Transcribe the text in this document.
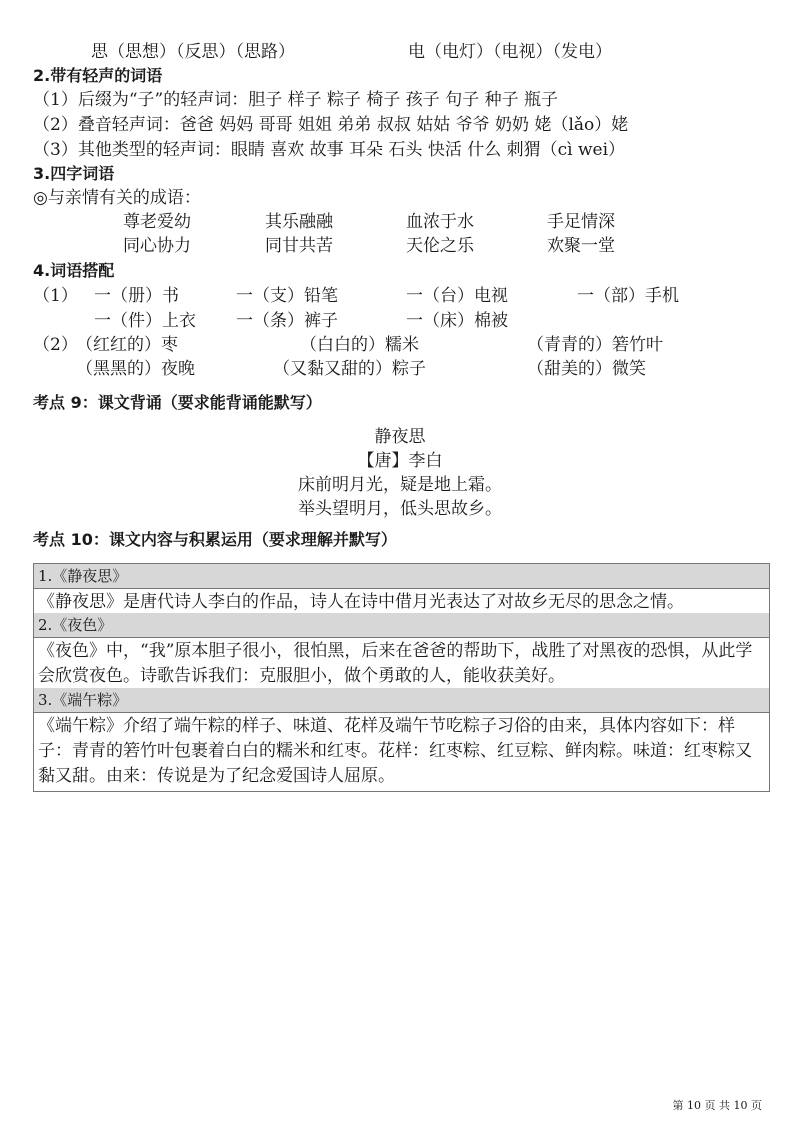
思（思想）（反思）（思路）	电（电灯）（电视）（发电）
2.带有轻声的词语
（1）后缀为“子”的轻声词：胆子 样子 粽子 椅子 孩子 句子 种子 瓶子
（2）叠音轻声词：爸爸 妈妈 哥哥 姐姐 弟弟 叔叔 姑姑 爷爷 奶奶 姥（lǎo）姥
（3）其他类型的轻声词：眼睛 喜欢 故事 耳朵 石头 快活 什么 刺猬（cì wei）
3.四字词语
◎与亲情有关的成语：
尊老爱幼	其乐融融	血浓于水	手足情深
同心协力	同甘共苦	天伦之乐	欢聚一堂
4.词语搭配
（1） 一（册）书	一（支）铅笔	一（台）电视	一（部）手机
一（件）上衣 一（条）裤子	一（床）棉被
（2）
（红红的）枣	（白白的）糯米	（青青的）箬竹叶
（黑黑的）夜晚	（又黏又甜的）粽子	（甜美的）微笑
考点 9：课文背诵（要求能背诵能默写）
静夜思
【唐】李白
床前明月光，疑是地上霜。
举头望明月，低头思故乡。
考点 10：课文内容与积累运用（要求理解并默写）
1.《静夜思》
《静夜思》是唐代诗人李白的作品，诗人在诗中借月光表达了对故乡无尽的思念之情。
2.《夜色》
《夜色》中，“我”原本胆子很小，很怕黑，后来在爸爸的帮助下，战胜了对黑夜的恐惧，从此学会欣赏夜色。诗歌告诉我们：克服胆小，做个勇敢的人，能收获美好。
3.《端午粽》
《端午粽》介绍了端午粽的样子、味道、花样及端午节吃粽子习俗的由来，具体内容如下：样子：青青的箬竹叶包裹着白白的糯米和红枣。花样：红枣粽、红豆粽、鲜肉粽。味道：红枣粽又黏又甜。由来：传说是为了纪念爱国诗人屈原。
第 10 页 共 10 页
